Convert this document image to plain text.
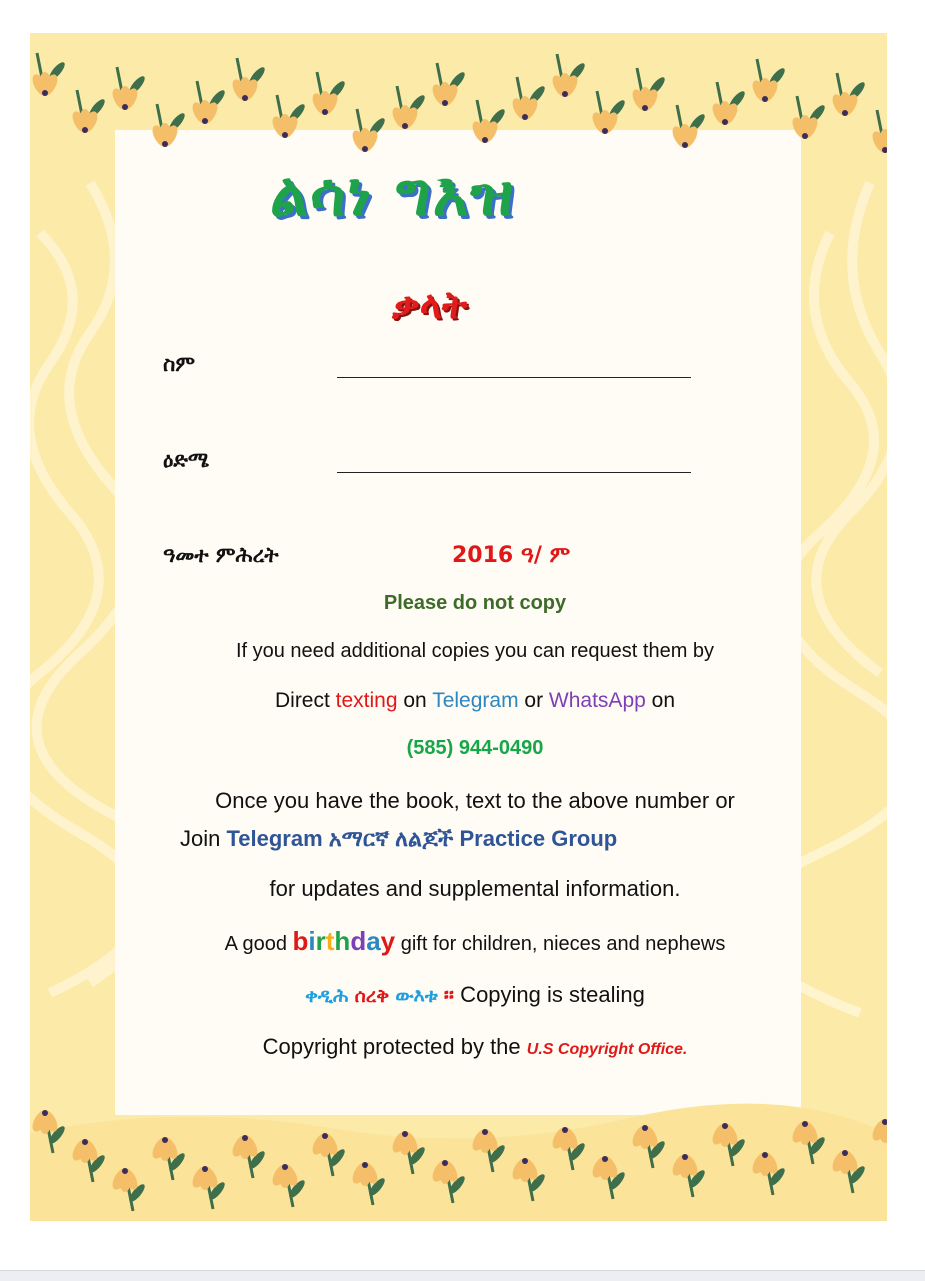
ልሳነ ግእዝ
ቃላት
ስም
ዕድሜ
ዓመተ ምሕረት	2016 ዓ/ ም
Please do not copy
If you need additional copies you can request them by
Direct texting on Telegram or WhatsApp on
(585) 944-0490
Once you have the book, text to the above number or
Join Telegram አማርኛ ለልጆች Practice Group
for updates and supplemental information.
A good birthday gift for children, nieces and nephews
ቀዲሕ ሰረቅ ውእቱ ። Copying is stealing
Copyright protected by the U.S Copyright Office.
